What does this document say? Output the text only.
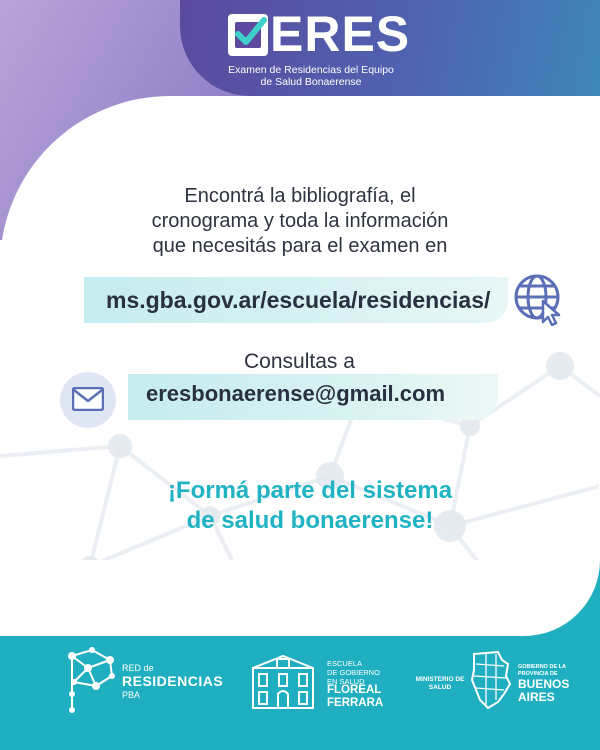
ERES
Examen de Residencias del Equipo
de Salud Bonaerense
Encontrá la bibliografía, el
cronograma y toda la información
que necesitás para el examen en
ms.gba.gov.ar/escuela/residencias/
Consultas a
eresbonaerense@gmail.com
¡Formá parte del sistema
de salud bonaerense!
RED de
RESIDENCIAS
PBA
ESCUELA
DE GOBIERNO
EN SALUD
FLOREAL
FERRARA
MINISTERIO DE
SALUD
GOBIERNO DE LA
PROVINCIA DE
BUENOS
AIRES
